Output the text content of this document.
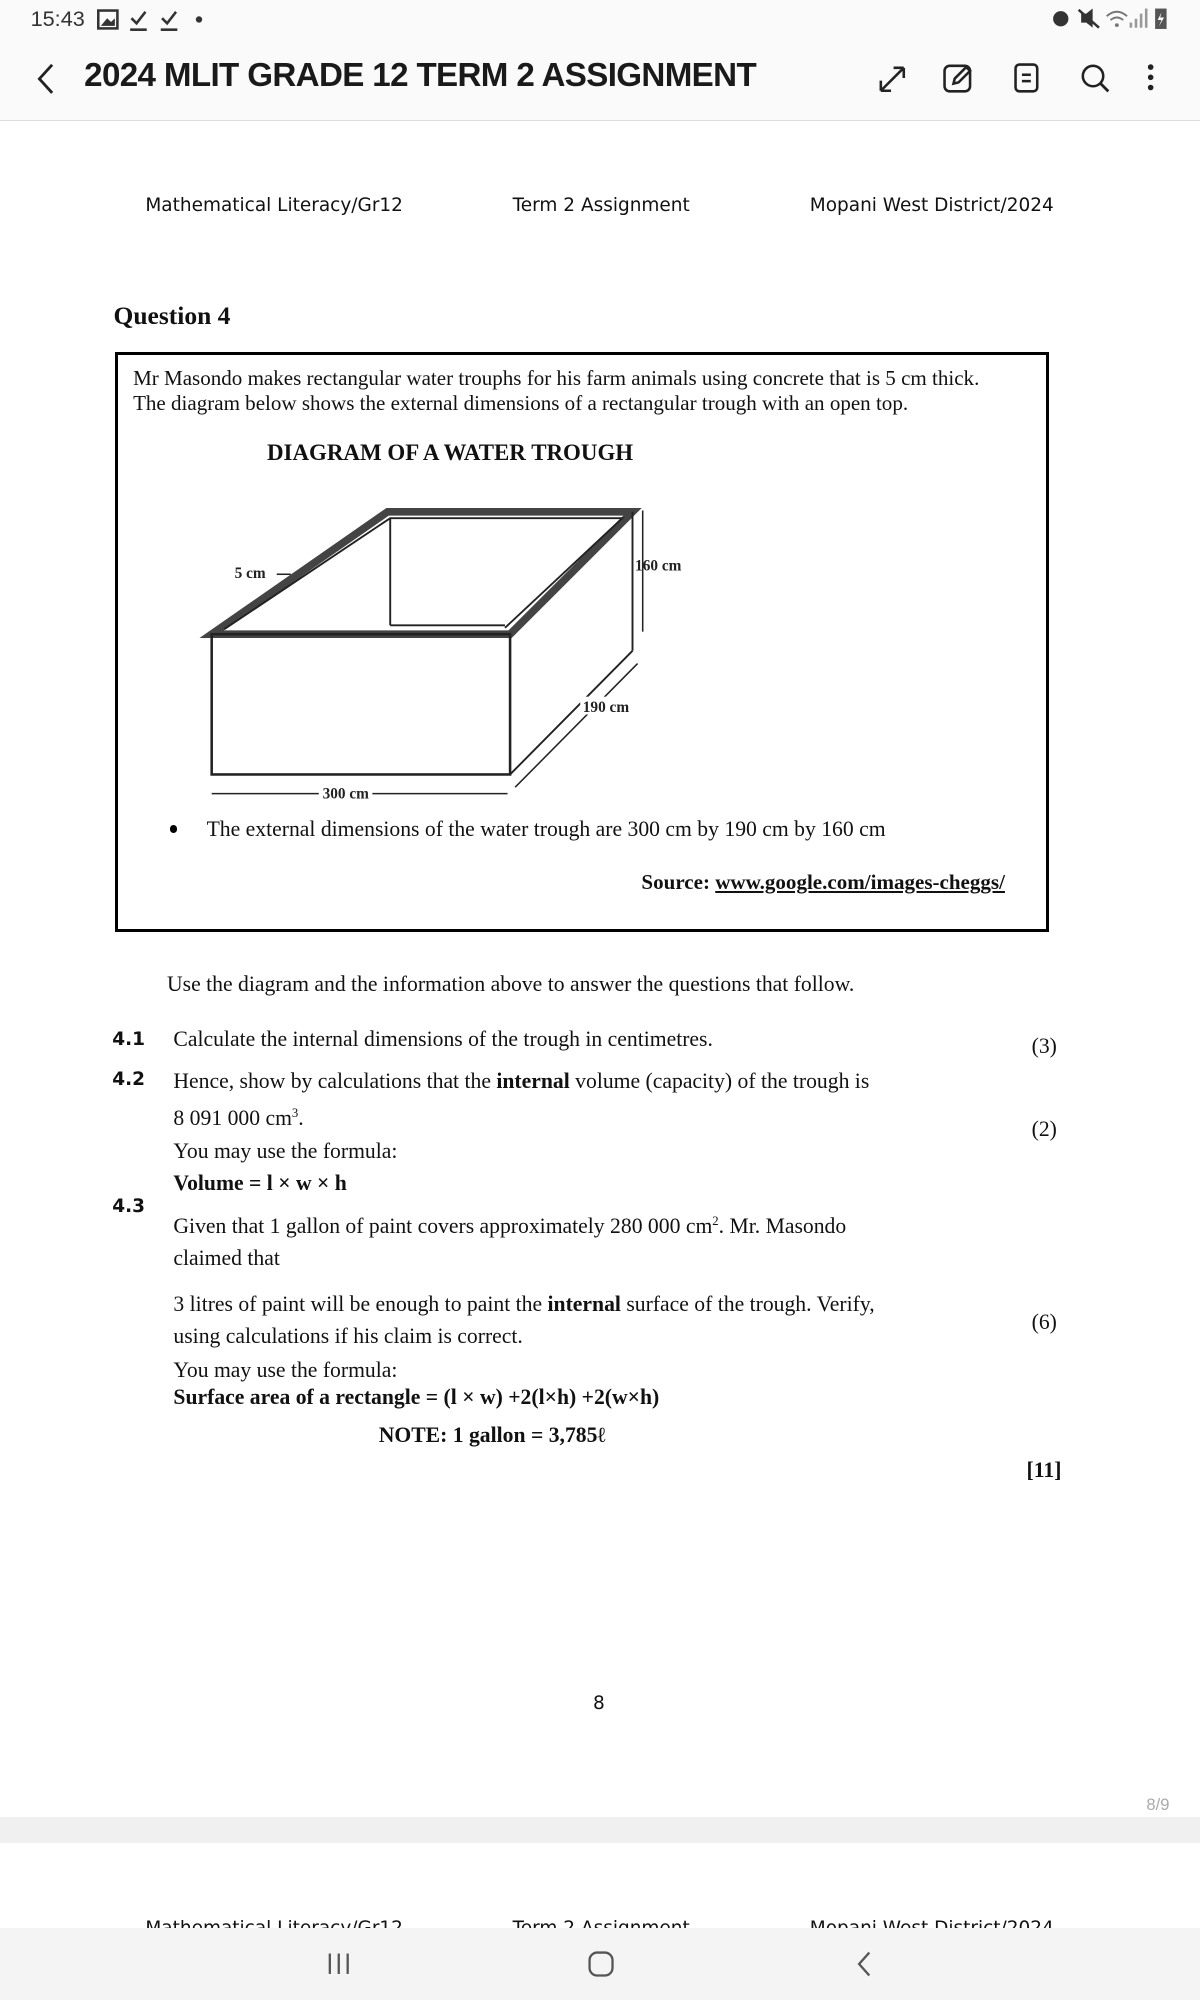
15:43
2024 MLIT GRADE 12 TERM 2 ASSIGNMENT
Mathematical Literacy/Gr12	Term 2 Assignment	Mopani West District/2024
Question 4
Mr Masondo makes rectangular water trouphs for his farm animals using concrete that is 5 cm thick.
The diagram below shows the external dimensions of a rectangular trough with an open top.
DIAGRAM OF A WATER TROUGH
300 cm
5 cm	160 cm
190 cm
The external dimensions of the water trough are 300 cm by 190 cm by 160 cm
Source: www.google.com/images-cheggs/
Use the diagram and the information above to answer the questions that follow.
4.1 Calculate the internal dimensions of the trough in centimetres.	(3)
4.2 Hence, show by calculations that the internal volume (capacity) of the trough is
8 091 000 $cm^3$.
You may use the formula:
Volume = l × w × h
(2)
4.3
Given that 1 gallon of paint covers approximately 280 000 $cm^2$. Mr. Masondo
claimed that
3 litres of paint will be enough to paint the internal surface of the trough. Verify,
using calculations if his claim is correct.
You may use the formula:
Surface area of a rectangle = (l × w) +2(l×h) +2(w×h)
NOTE: 1 gallon = 3,785ℓ
(6)
[11]
8
8/9
